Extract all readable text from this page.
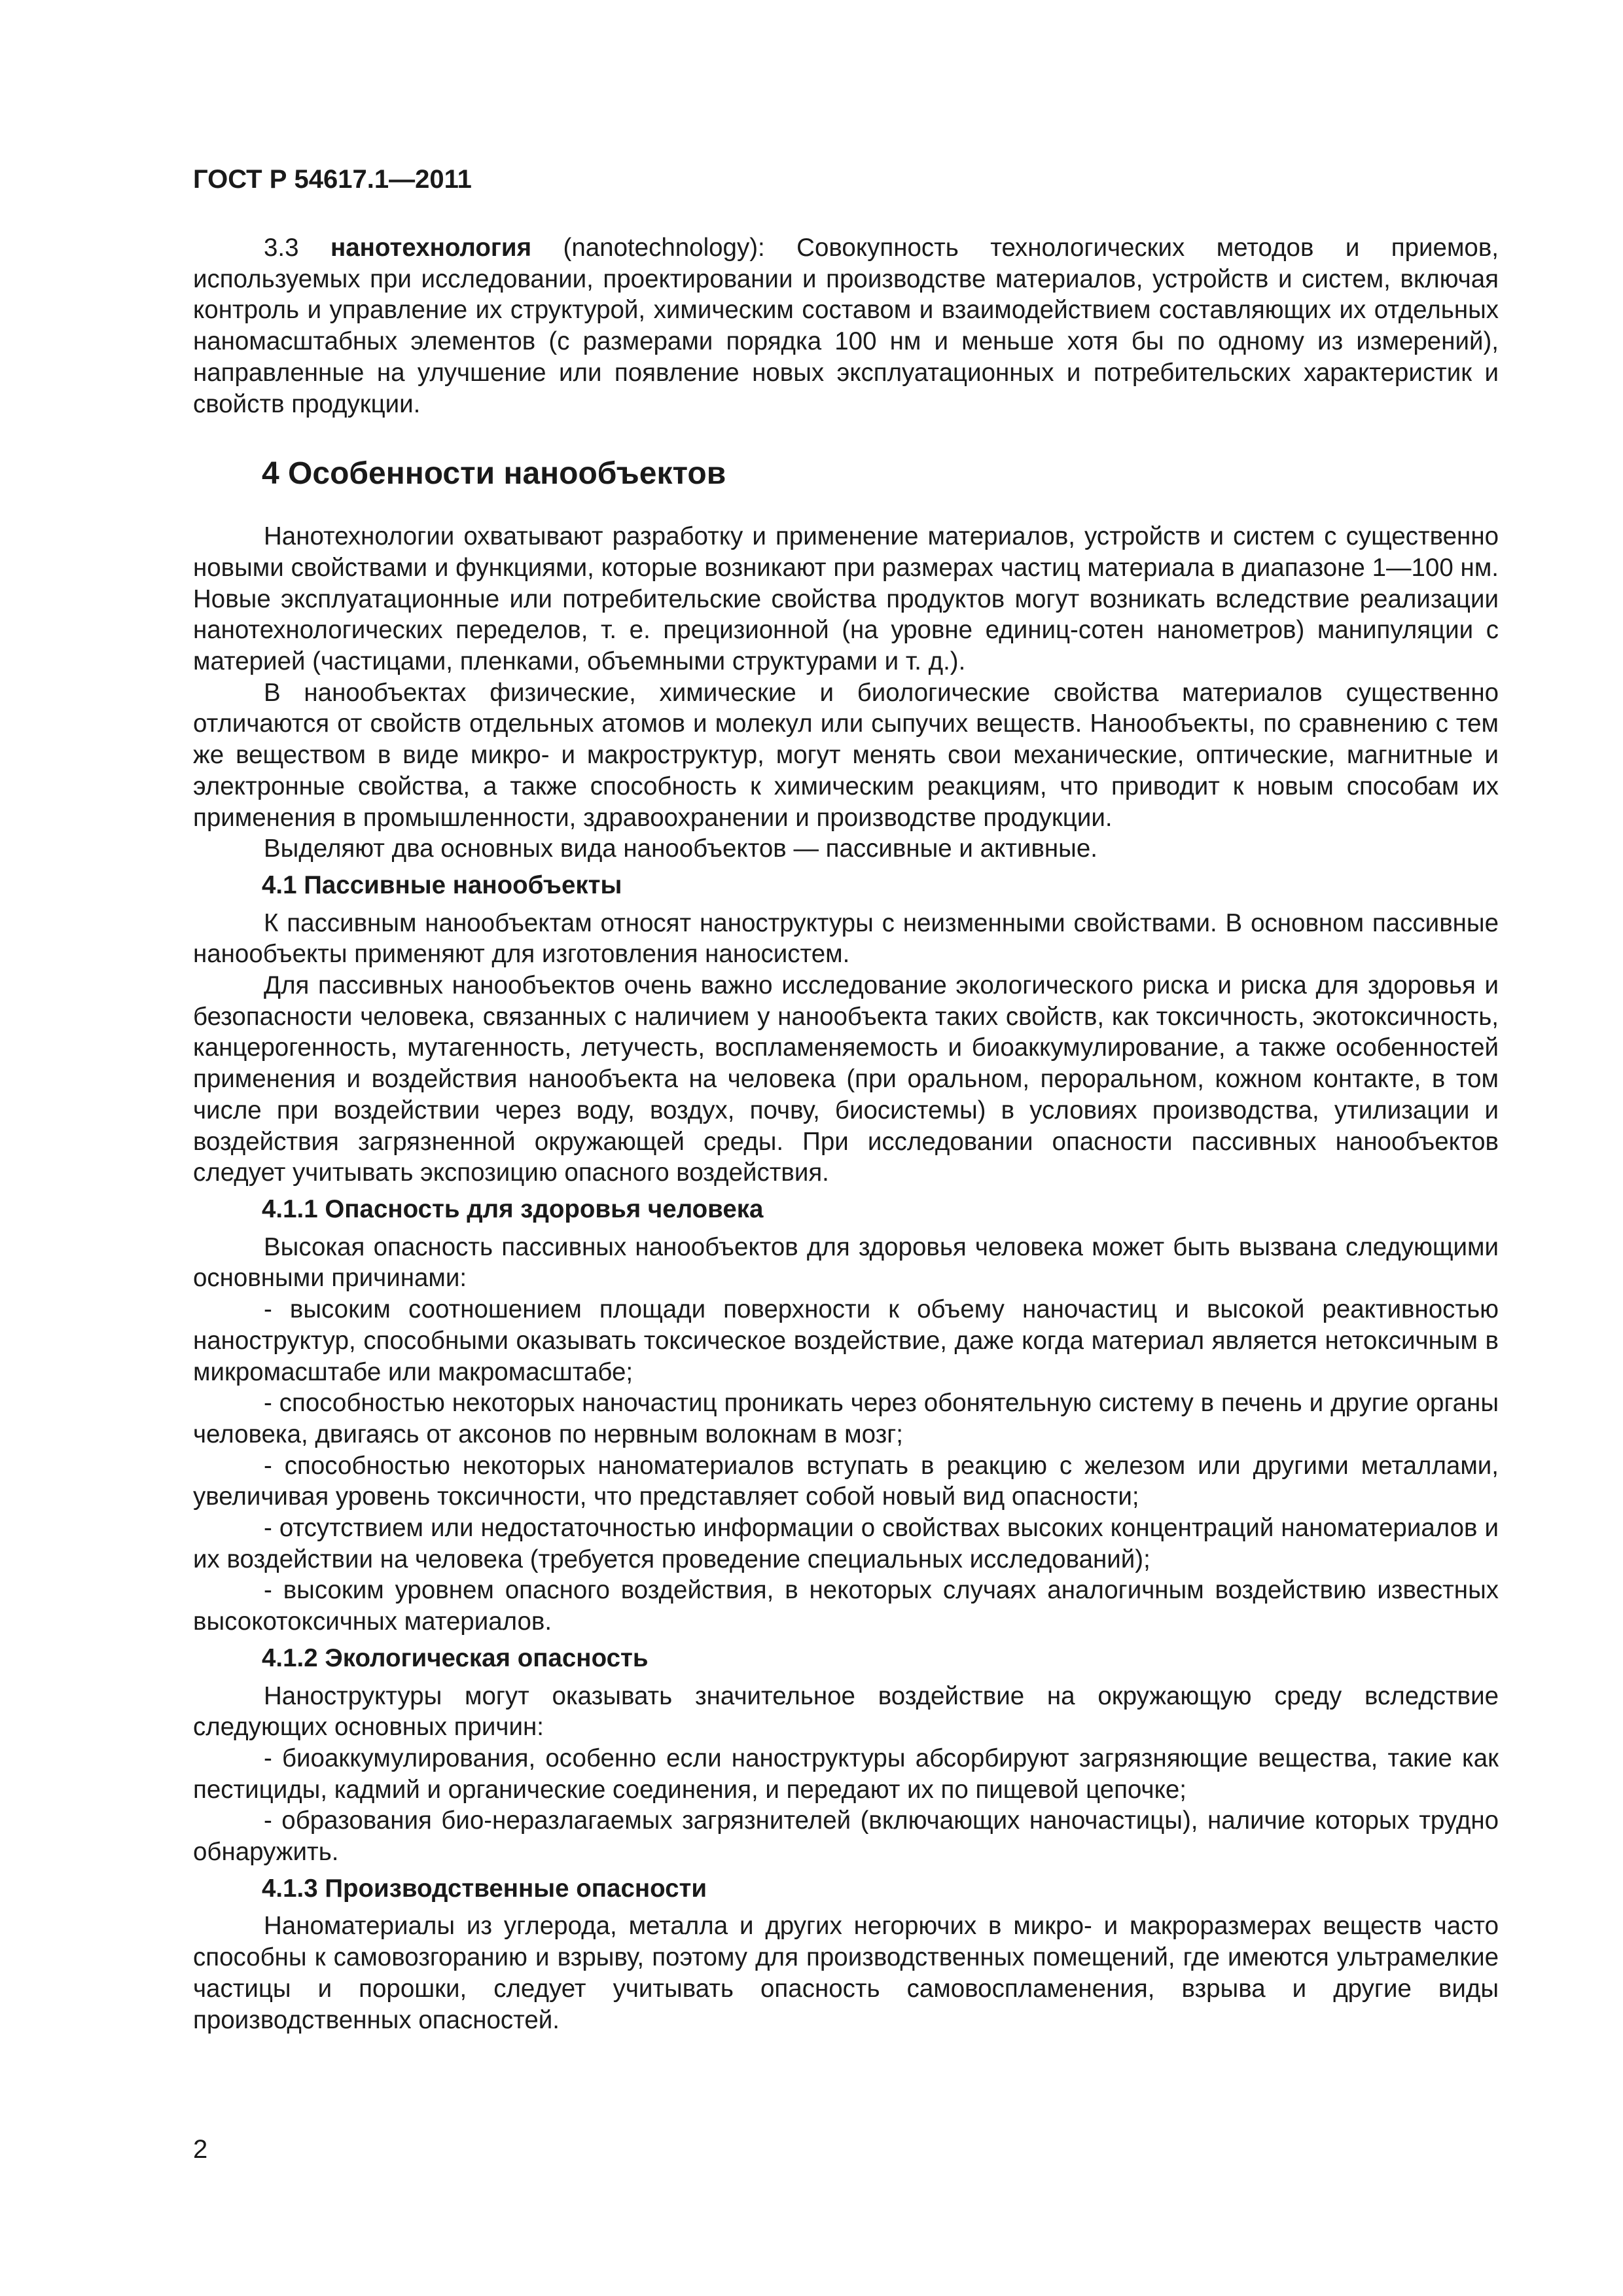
ГОСТ Р 54617.1—2011

3.3 нанотехнология (nanotechnology): Совокупность технологических методов и приемов, используемых при исследовании, проектировании и производстве материалов, устройств и систем, включая контроль и управление их структурой, химическим составом и взаимодействием составляющих их отдельных наномасштабных элементов (с размерами порядка 100 нм и меньше хотя бы по одному из измерений), направленные на улучшение или появление новых эксплуатационных и потребительских характеристик и свойств продукции.

4 Особенности нанообъектов

Нанотехнологии охватывают разработку и применение материалов, устройств и систем с существенно новыми свойствами и функциями, которые возникают при размерах частиц материала в диапазоне 1—100 нм. Новые эксплуатационные или потребительские свойства продуктов могут возникать вследствие реализации нанотехнологических переделов, т. е. прецизионной (на уровне единиц-сотен нанометров) манипуляции с материей (частицами, пленками, объемными структурами и т. д.).

В нанообъектах физические, химические и биологические свойства материалов существенно отличаются от свойств отдельных атомов и молекул или сыпучих веществ. Нанообъекты, по сравнению с тем же веществом в виде микро- и макроструктур, могут менять свои механические, оптические, магнитные и электронные свойства, а также способность к химическим реакциям, что приводит к новым способам их применения в промышленности, здравоохранении и производстве продукции.

Выделяют два основных вида нанообъектов — пассивные и активные.

4.1 Пассивные нанообъекты

К пассивным нанообъектам относят наноструктуры с неизменными свойствами. В основном пассивные нанообъекты применяют для изготовления наносистем.

Для пассивных нанообъектов очень важно исследование экологического риска и риска для здоровья и безопасности человека, связанных с наличием у нанообъекта таких свойств, как токсичность, экотоксичность, канцерогенность, мутагенность, летучесть, воспламеняемость и биоаккумулирование, а также особенностей применения и воздействия нанообъекта на человека (при оральном, пероральном, кожном контакте, в том числе при воздействии через воду, воздух, почву, биосистемы) в условиях производства, утилизации и воздействия загрязненной окружающей среды. При исследовании опасности пассивных нанообъектов следует учитывать экспозицию опасного воздействия.

4.1.1 Опасность для здоровья человека

Высокая опасность пассивных нанообъектов для здоровья человека может быть вызвана следующими основными причинами:

- высоким соотношением площади поверхности к объему наночастиц и высокой реактивностью наноструктур, способными оказывать токсическое воздействие, даже когда материал является нетоксичным в микромасштабе или макромасштабе;

- способностью некоторых наночастиц проникать через обонятельную систему в печень и другие органы человека, двигаясь от аксонов по нервным волокнам в мозг;

- способностью некоторых наноматериалов вступать в реакцию с железом или другими металлами, увеличивая уровень токсичности, что представляет собой новый вид опасности;

- отсутствием или недостаточностью информации о свойствах высоких концентраций наноматериалов и их воздействии на человека (требуется проведение специальных исследований);

- высоким уровнем опасного воздействия, в некоторых случаях аналогичным воздействию известных высокотоксичных материалов.

4.1.2 Экологическая опасность

Наноструктуры могут оказывать значительное воздействие на окружающую среду вследствие следующих основных причин:

- биоаккумулирования, особенно если наноструктуры абсорбируют загрязняющие вещества, такие как пестициды, кадмий и органические соединения, и передают их по пищевой цепочке;

- образования био-неразлагаемых загрязнителей (включающих наночастицы), наличие которых трудно обнаружить.

4.1.3 Производственные опасности

Наноматериалы из углерода, металла и других негорючих в микро- и макроразмерах веществ часто способны к самовозгоранию и взрыву, поэтому для производственных помещений, где имеются ультрамелкие частицы и порошки, следует учитывать опасность самовоспламенения, взрыва и другие виды производственных опасностей.

2
